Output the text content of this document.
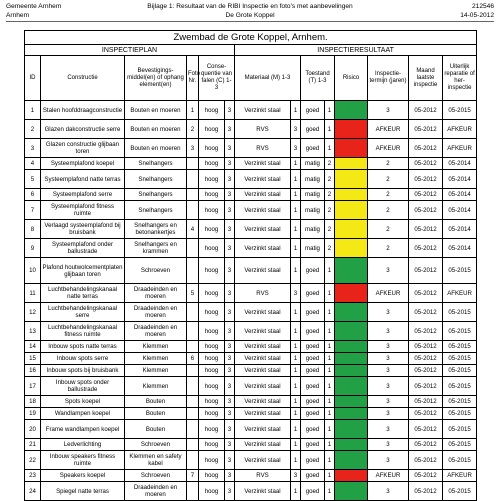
Gemeente Arnhem
Arnhem
Bijlage 1: Resultaat van de RIBI Inspectie en foto's met aanbevelingen
De Grote Koppel
212546
14-05-2012
Zwembad de Grote Koppel, Arnhem.													
INSPECTIEPLAN						INSPECTIERESULTAAT							
ID	Constructie	Bevestigings-middel(en) of ophang element(en)	Foto Nr.	Conse-quentie van falen (C) 1-3		Materiaal (M) 1-3		Toestand (T) 1-3		Risico	Inspectie-termijn (jaren)	Maand laatste inspectie	Uiterlijk reparatie of her-inspectie
1	Stalen hoofddraagconstructie	Bouten en moeren	1	hoog	3	Verzinkt staal	1	goed	1		3	05-2012	05-2015
2	Glazen dakconstructie serre	Bouten en moeren	2	hoog	3	RVS	3	goed	1		AFKEUR	05-2012	AFKEUR
3	Glazen constructie glijbaan toren	Bouten en moeren	3	hoog	3	RVS	3	goed	1		AFKEUR	05-2012	AFKEUR
4	Systeemplafond koepel	Snelhangers		hoog	3	Verzinkt staal	1	matig	2		2	05-2012	05-2014
5	Systeemplafond natte terras	Snelhangers		hoog	3	Verzinkt staal	1	matig	2		2	05-2012	05-2014
6	Systeemplafond serre	Snelhangers		hoog	3	Verzinkt staal	1	matig	2		2	05-2012	05-2014
7	Systeemplafond fitness ruimte	Snelhangers		hoog	3	Verzinkt staal	1	matig	2		2	05-2012	05-2014
8	Verlaagd systeemplafond bij bruisbank	Snelhangers en betonankertjes	4	hoog	3	Verzinkt staal	1	matig	2		2	05-2012	05-2014
9	Systeemplafond onder ballustrade	Snelhangers en krammen		hoog	3	Verzinkt staal	1	matig	2		2	05-2012	05-2014
10	Plafond houtwolcementplaten glijbaan toren	Schroeven		hoog	3	Verzinkt staal	1	goed	1		3	05-2012	05-2015
11	Luchtbehandelingskanaal natte terras	Draadeinden en moeren	5	hoog	3	RVS	3	goed	1		AFKEUR	05-2012	AFKEUR
12	Luchtbehandelingskanaal serre	Draadeinden en moeren		hoog	3	Verzinkt staal	1	goed	1		3	05-2012	05-2015
13	Luchtbehandelingskanaal fitness ruimte	Draadeinden en moeren		hoog	3	Verzinkt staal	1	goed	1		3	05-2012	05-2015
14	Inbouw spots natte terras	Klemmen		hoog	3	Verzinkt staal	1	goed	1		3	05-2012	05-2015
15	Inbouw spots serre	Klemmen	6	hoog	3	Verzinkt staal	1	goed	1		3	05-2012	05-2015
16	Inbouw spots bij bruisbank	Klemmen		hoog	3	Verzinkt staal	1	goed	1		3	05-2012	05-2015
17	Inbouw spots onder ballustrade	Klemmen		hoog	3	Verzinkt staal	1	goed	1		3	05-2012	05-2015
18	Spots koepel	Bouten		hoog	3	Verzinkt staal	1	goed	1		3	05-2012	05-2015
19	Wandlampen koepel	Bouten		hoog	3	Verzinkt staal	1	goed	1		3	05-2012	05-2015
20	Frame wandlampen koepel	Bouten		hoog	3	Verzinkt staal	1	goed	1		3	05-2012	05-2015
21	Ledverlichting	Schroeven		hoog	3	Verzinkt staal	1	goed	1		3	05-2012	05-2015
22	Inbouw speakers fitness ruimte	Klemmen en safety kabel		hoog	3	Verzinkt staal	1	goed	1		3	05-2012	05-2015
23	Speakers koepel	Schroeven	7	hoog	3	RVS	3	goed	1		AFKEUR	05-2012	AFKEUR
24	Spiegel natte terras	Draadeinden en moeren		hoog	3	Verzinkt staal	1	goed	1		3	05-2012	05-2015
